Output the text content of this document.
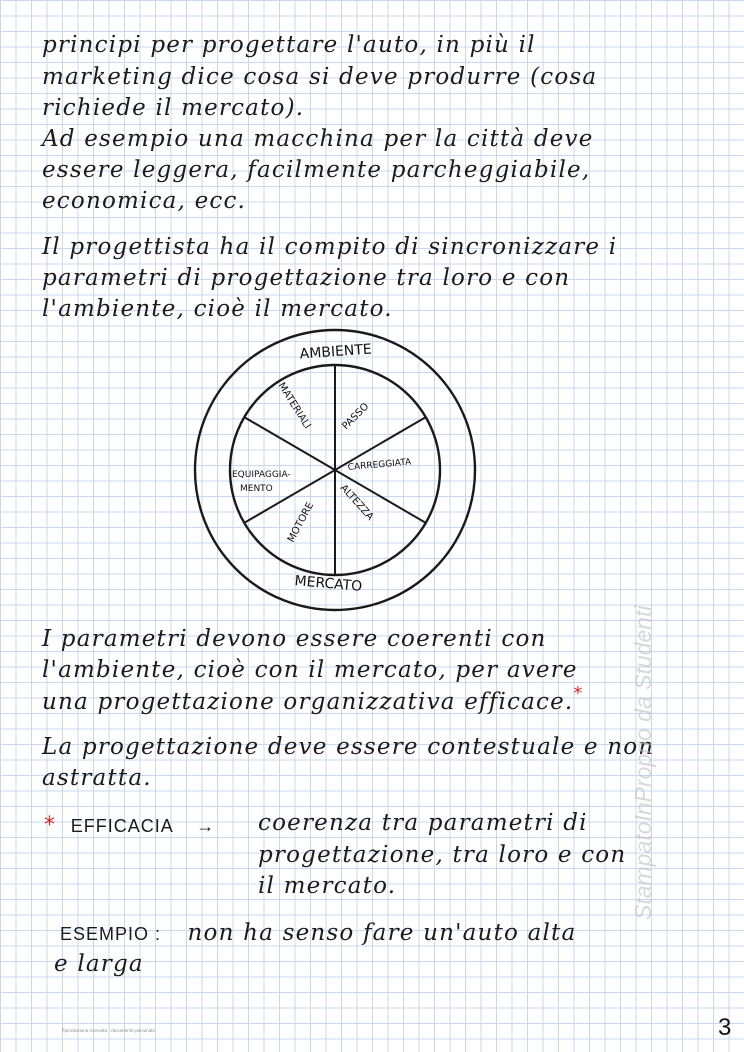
principi per progettare l'auto, in più il
marketing dice cosa si deve produrre (cosa
richiede il mercato).
Ad esempio una macchina per la città deve
essere leggera, facilmente parcheggiabile,
economica, ecc.
Il progettista ha il compito di sincronizzare i
parametri di progettazione tra loro e con
l'ambiente, cioè il mercato.
AMBIENTE
MERCATO
MATERIALI	PASSO
CARREGGIATA
ALTEZZA
MOTORE
EQUIPAGGIA-
MENTO
I parametri devono essere coerenti con
l'ambiente, cioè con il mercato, per avere
una progettazione organizzativa efficace.*
La progettazione deve essere contestuale e non
astratta.
* EFFICACIA → coerenza tra parametri di
progettazione, tra loro e con
il mercato.
ESEMPIO : non ha senso fare un'auto alta
e larga
StampatoInProprio da Studenti
Riproduzione riservata - documento personale	3
